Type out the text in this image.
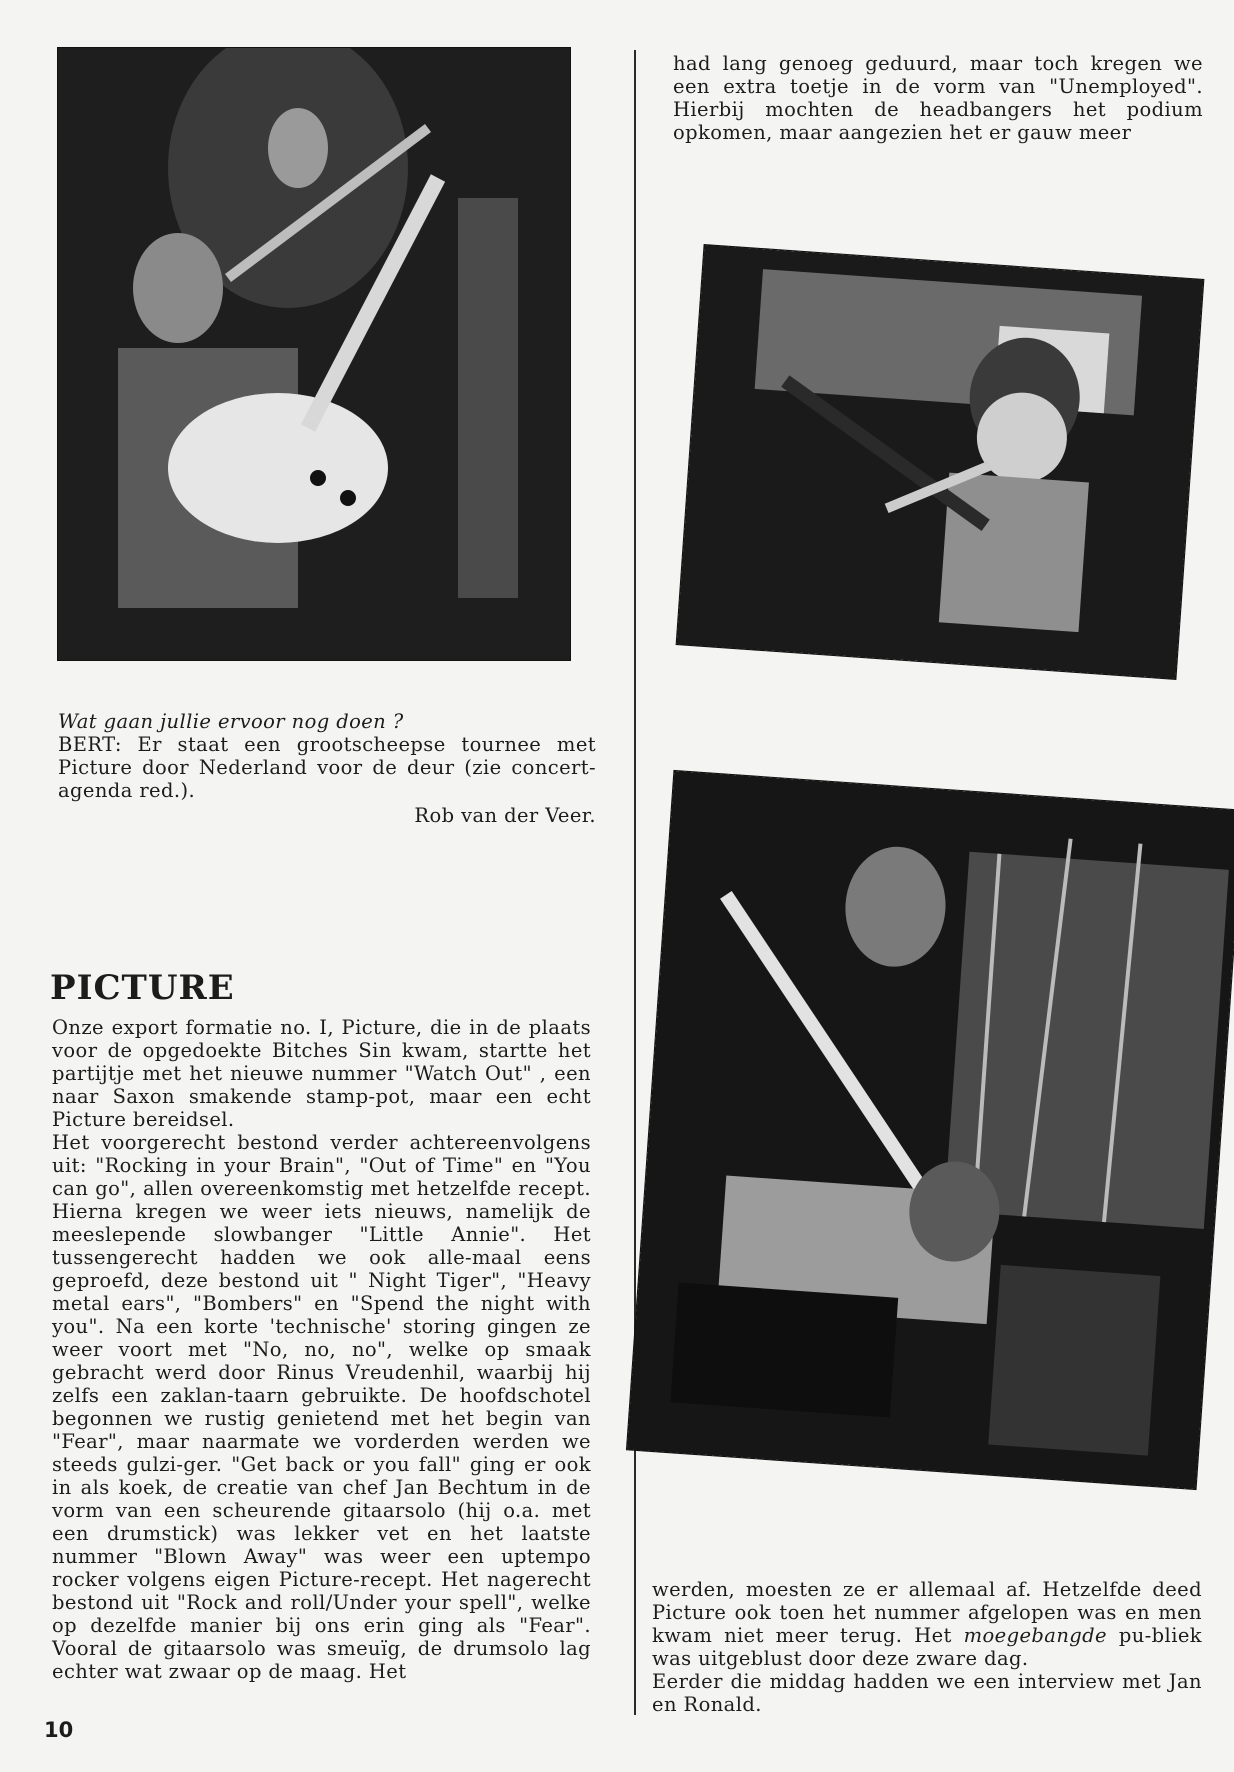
had lang genoeg geduurd, maar toch kregen we een extra toetje in de vorm van "Unemployed". Hierbij mochten de headbangers het podium opkomen, maar aangezien het er gauw meer

Wat gaan jullie ervoor nog doen ?

BERT: Er staat een grootscheepse tournee met Picture door Nederland voor de deur (zie concert-agenda red.).

Rob van der Veer.

PICTURE

Onze export formatie no. I, Picture, die in de plaats voor de opgedoekte Bitches Sin kwam, startte het partijtje met het nieuwe nummer "Watch Out" , een naar Saxon smakende stamp-pot, maar een echt Picture bereidsel.

Het voorgerecht bestond verder achtereenvolgens uit: "Rocking in your Brain", "Out of Time" en "You can go", allen overeenkomstig met hetzelfde recept. Hierna kregen we weer iets nieuws, namelijk de meeslepende slowbanger "Little Annie". Het tussengerecht hadden we ook alle-maal eens geproefd, deze bestond uit " Night Tiger", "Heavy metal ears", "Bombers" en "Spend the night with you". Na een korte 'technische' storing gingen ze weer voort met "No, no, no", welke op smaak gebracht werd door Rinus Vreudenhil, waarbij hij zelfs een zaklan-taarn gebruikte. De hoofdschotel begonnen we rustig genietend met het begin van "Fear", maar naarmate we vorderden werden we steeds gulzi-ger. "Get back or you fall" ging er ook in als koek, de creatie van chef Jan Bechtum in de vorm van een scheurende gitaarsolo (hij o.a. met een drumstick) was lekker vet en het laatste nummer "Blown Away" was weer een uptempo rocker volgens eigen Picture-recept. Het nagerecht bestond uit "Rock and roll/Under your spell", welke op dezelfde manier bij ons erin ging als "Fear". Vooral de gitaarsolo was smeuïg, de drumsolo lag echter wat zwaar op de maag. Het

werden, moesten ze er allemaal af. Hetzelfde deed Picture ook toen het nummer afgelopen was en men kwam niet meer terug. Het moegebangde pu-bliek was uitgeblust door deze zware dag.

Eerder die middag hadden we een interview met Jan en Ronald.

10
